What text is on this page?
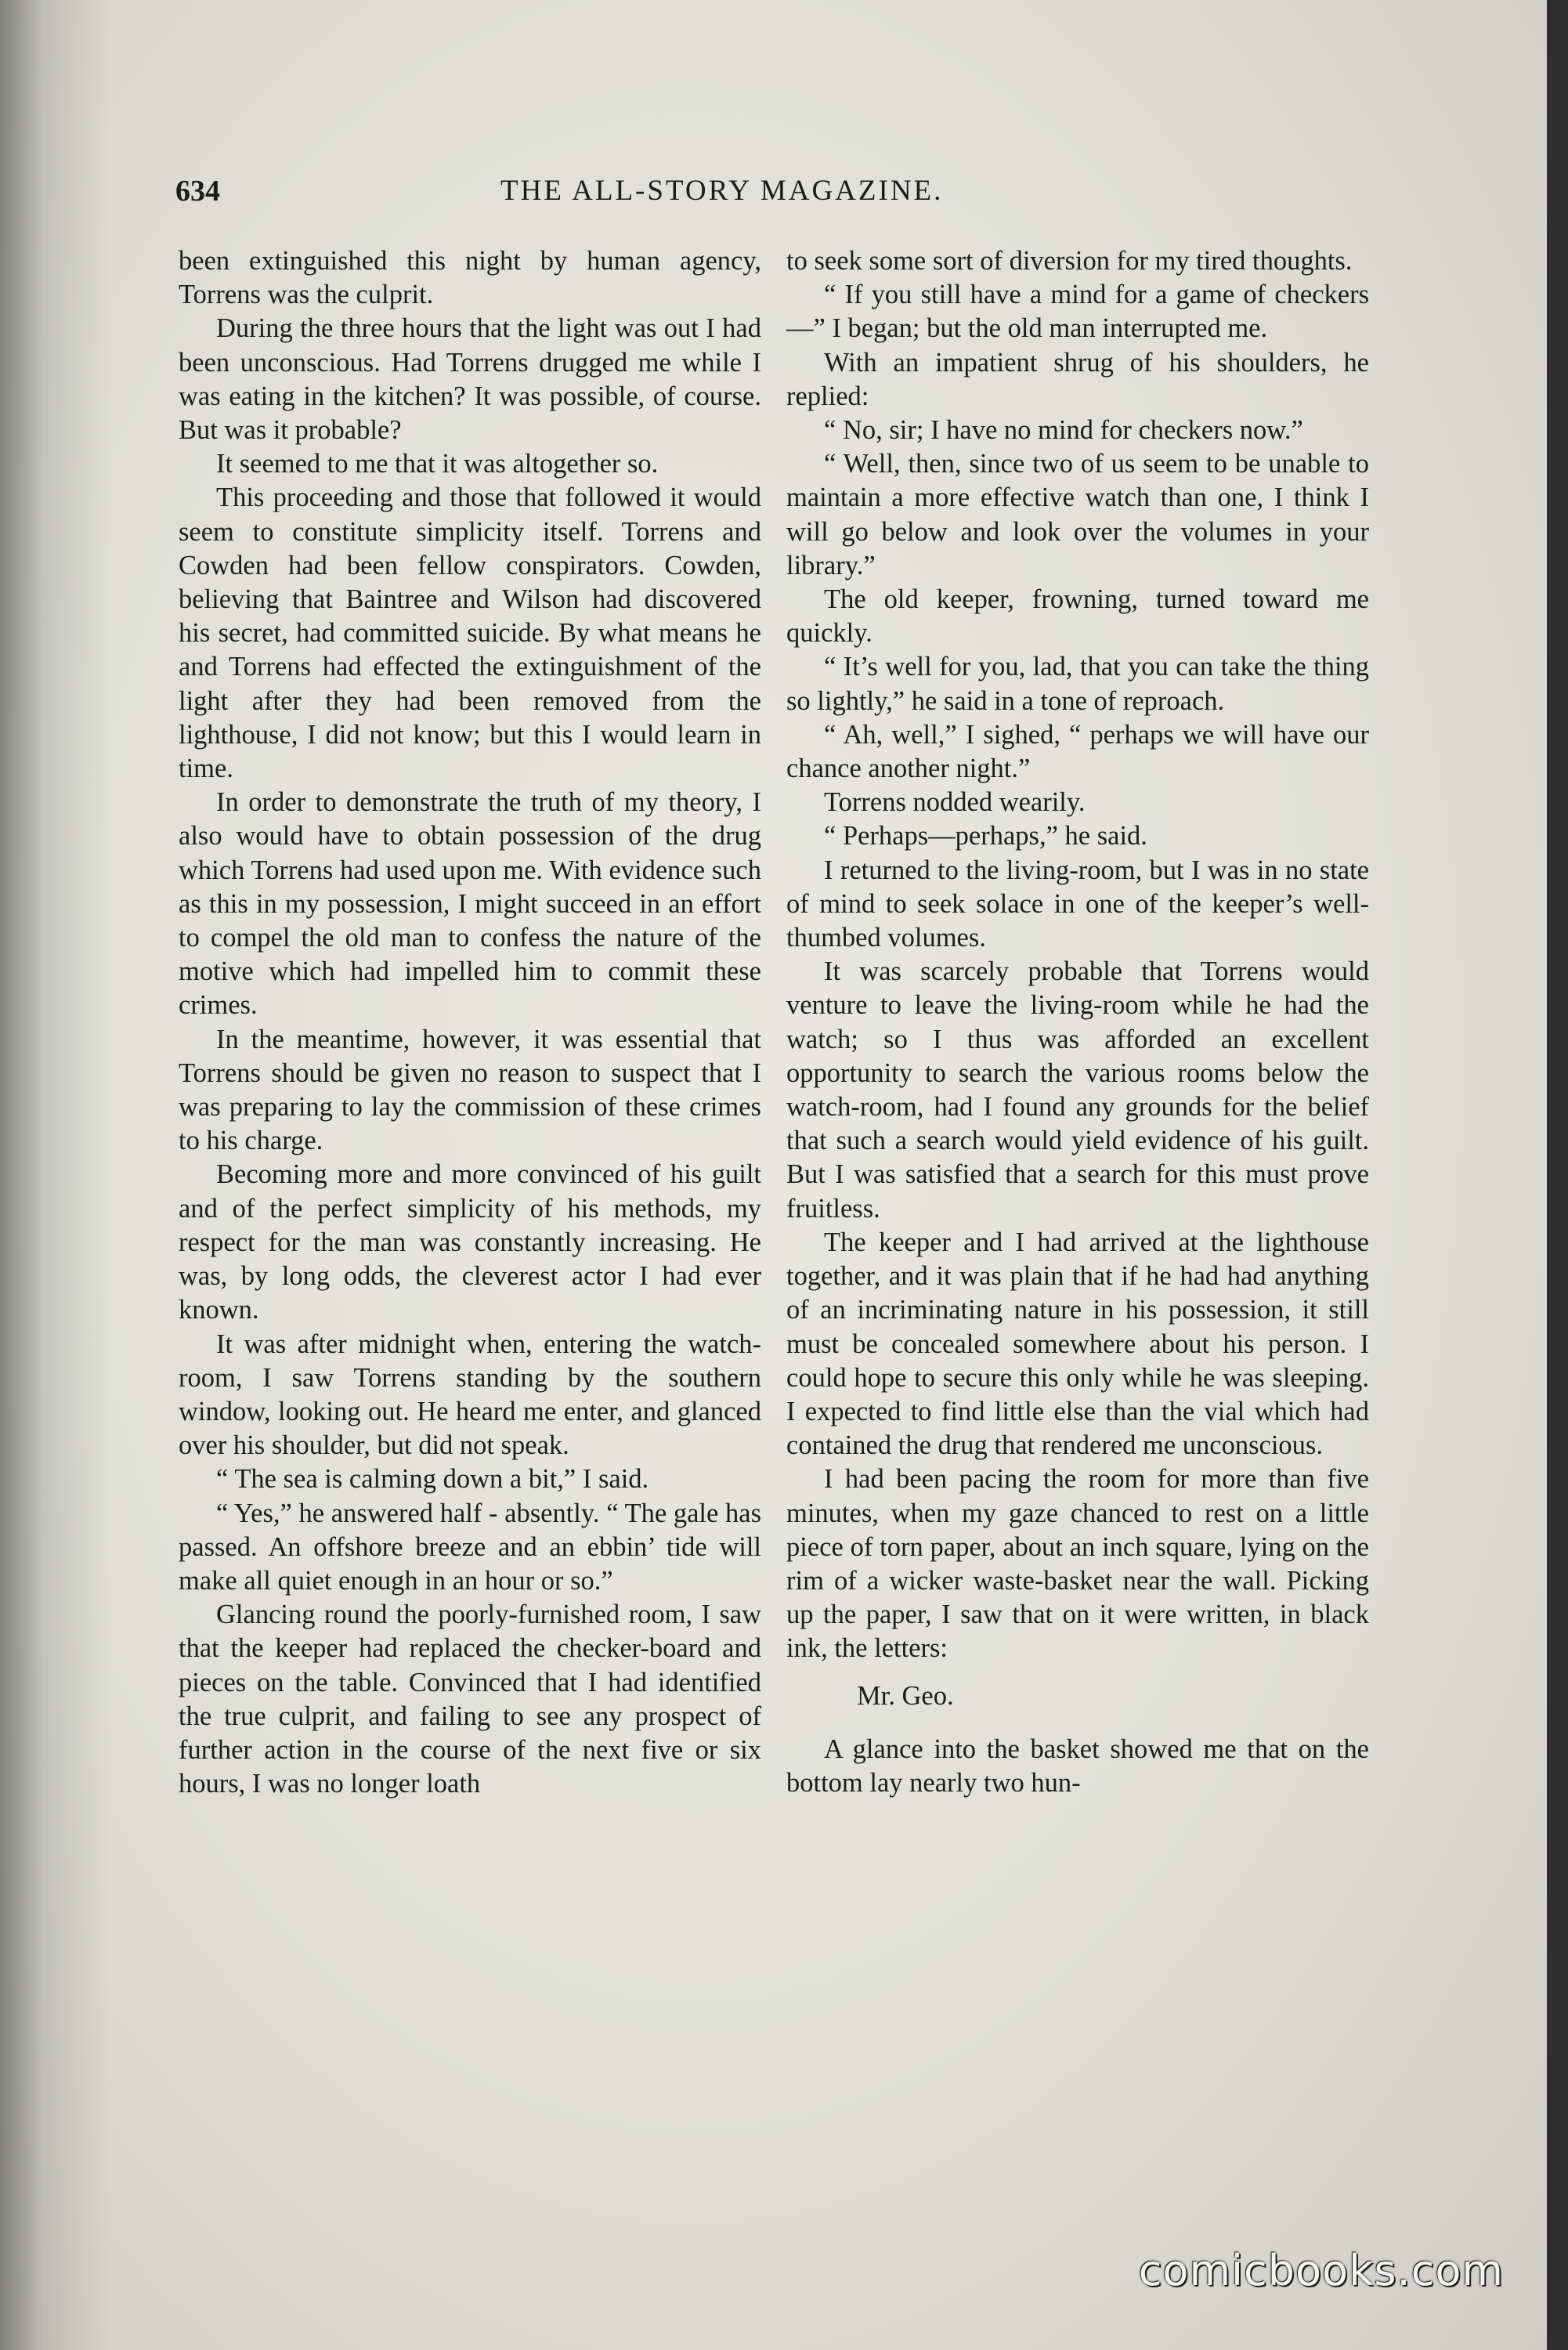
634	THE ALL-STORY MAGAZINE.

been extinguished this night by human agency, Torrens was the culprit.

During the three hours that the light was out I had been unconscious. Had Torrens drugged me while I was eating in the kitchen? It was possible, of course. But was it probable?

It seemed to me that it was altogether so.

This proceeding and those that followed it would seem to constitute simplicity itself. Torrens and Cowden had been fellow conspirators. Cowden, believing that Baintree and Wilson had discovered his secret, had committed suicide. By what means he and Torrens had effected the extinguishment of the light after they had been removed from the lighthouse, I did not know; but this I would learn in time.

In order to demonstrate the truth of my theory, I also would have to obtain possession of the drug which Torrens had used upon me. With evidence such as this in my possession, I might succeed in an effort to compel the old man to confess the nature of the motive which had impelled him to commit these crimes.

In the meantime, however, it was essential that Torrens should be given no reason to suspect that I was preparing to lay the commission of these crimes to his charge.

Becoming more and more convinced of his guilt and of the perfect simplicity of his methods, my respect for the man was constantly increasing. He was, by long odds, the cleverest actor I had ever known.

It was after midnight when, entering the watch-room, I saw Torrens standing by the southern window, looking out. He heard me enter, and glanced over his shoulder, but did not speak.

“ The sea is calming down a bit,” I said.

“ Yes,” he answered half - absently. “ The gale has passed. An offshore breeze and an ebbin’ tide will make all quiet enough in an hour or so.”

Glancing round the poorly-furnished room, I saw that the keeper had replaced the checker-board and pieces on the table. Convinced that I had identified the true culprit, and failing to see any prospect of further action in the course of the next five or six hours, I was no longer loath

to seek some sort of diversion for my tired thoughts.

“ If you still have a mind for a game of checkers—” I began; but the old man interrupted me.

With an impatient shrug of his shoulders, he replied:

“ No, sir; I have no mind for checkers now.”

“ Well, then, since two of us seem to be unable to maintain a more effective watch than one, I think I will go below and look over the volumes in your library.”

The old keeper, frowning, turned toward me quickly.

“ It’s well for you, lad, that you can take the thing so lightly,” he said in a tone of reproach.

“ Ah, well,” I sighed, “ perhaps we will have our chance another night.”

Torrens nodded wearily.

“ Perhaps—perhaps,” he said.

I returned to the living-room, but I was in no state of mind to seek solace in one of the keeper’s well-thumbed volumes.

It was scarcely probable that Torrens would venture to leave the living-room while he had the watch; so I thus was afforded an excellent opportunity to search the various rooms below the watch-room, had I found any grounds for the belief that such a search would yield evidence of his guilt. But I was satisfied that a search for this must prove fruitless.

The keeper and I had arrived at the lighthouse together, and it was plain that if he had had anything of an incriminating nature in his possession, it still must be concealed somewhere about his person. I could hope to secure this only while he was sleeping. I expected to find little else than the vial which had contained the drug that rendered me unconscious.

I had been pacing the room for more than five minutes, when my gaze chanced to rest on a little piece of torn paper, about an inch square, lying on the rim of a wicker waste-basket near the wall. Picking up the paper, I saw that on it were written, in black ink, the letters:

Mr. Geo.

A glance into the basket showed me that on the bottom lay nearly two hun-

comicbooks.com
